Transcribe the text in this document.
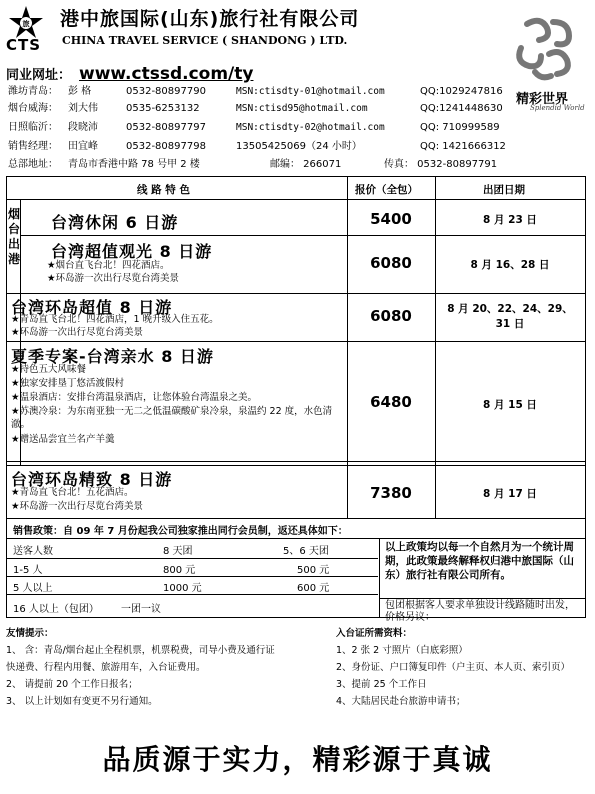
旅
CTS
港中旅国际(山东)旅行社有限公司
CHINA TRAVEL SERVICE ( SHANDONG ) LTD.
精彩世界
Splendid World
同业网址： www.ctssd.com/ty
潍坊青岛： 彭 格	0532-80897790	MSN:ctisdty-01@hotmail.com	QQ:1029247816
烟台威海： 刘大伟	0535-6253132	MSN:ctisd95@hotmail.com	QQ:1241448630
日照临沂： 段晓沛	0532-80897797	MSN:ctisdty-02@hotmail.com	QQ: 710999589
销售经理： 田宜峰	0532-80897798	13505425069（24 小时）	QQ: 1421666312
总部地址： 青岛市香港中路 78 号甲 2 楼	邮编： 266071	传真： 0532-80897791
线 路 特 色	报价（全包）	出团日期
烟
台
出
港
台湾休闲 6 日游	5400	8 月 23 日
台湾超值观光 8 日游
★烟台直飞台北！四花酒店。
★环岛游一次出行尽览台湾美景
6080	8 月 16、28 日
台湾环岛超值 8 日游
★青岛直飞台北！四花酒店，1 晚升级入住五花。
★环岛游一次出行尽览台湾美景
6080	8 月 20、22、24、29、31 日
夏季专案-台湾亲水 8 日游
★特色五大风味餐
★独家安排垦丁悠活渡假村
★温泉酒店：安排台湾温泉酒店，让您体验台湾温泉之美。
★苏澳冷泉：为东南亚独一无二之低温碳酸矿泉冷泉，泉温约 22 度，水色清澈。
★赠送品尝宜兰名产羊羹
6480	8 月 15 日
台湾环岛精致 8 日游
★青岛直飞台北！五花酒店。
★环岛游一次出行尽览台湾美景
7380	8 月 17 日
销售政策：自 09 年 7 月份起我公司独家推出同行会员制，返还具体如下：
送客人数	8 天团	5、6 天团
1-5 人	800 元	500 元
5 人以上	1000 元	600 元
16 人以上（包团） 一团一议
以上政策均以每一个自然月为一个统计周期，此政策最终解释权归港中旅国际（山东）旅行社有限公司所有。
包团根据客人要求单独设计线路随时出发，价格另议：
友情提示：
1、 含：青岛/烟台起止全程机票，机票税费，司导小费及通行证
快递费、行程内用餐、旅游用车，入台证费用。
2、 请提前 20 个工作日报名；
3、 以上计划如有变更不另行通知。
入台证所需资料：
1、2 张 2 寸照片（白底彩照）
2、身份证、户口簿复印件（户主页、本人页、索引页）
3、提前 25 个工作日
4、大陆居民赴台旅游申请书；
品质源于实力，精彩源于真诚
